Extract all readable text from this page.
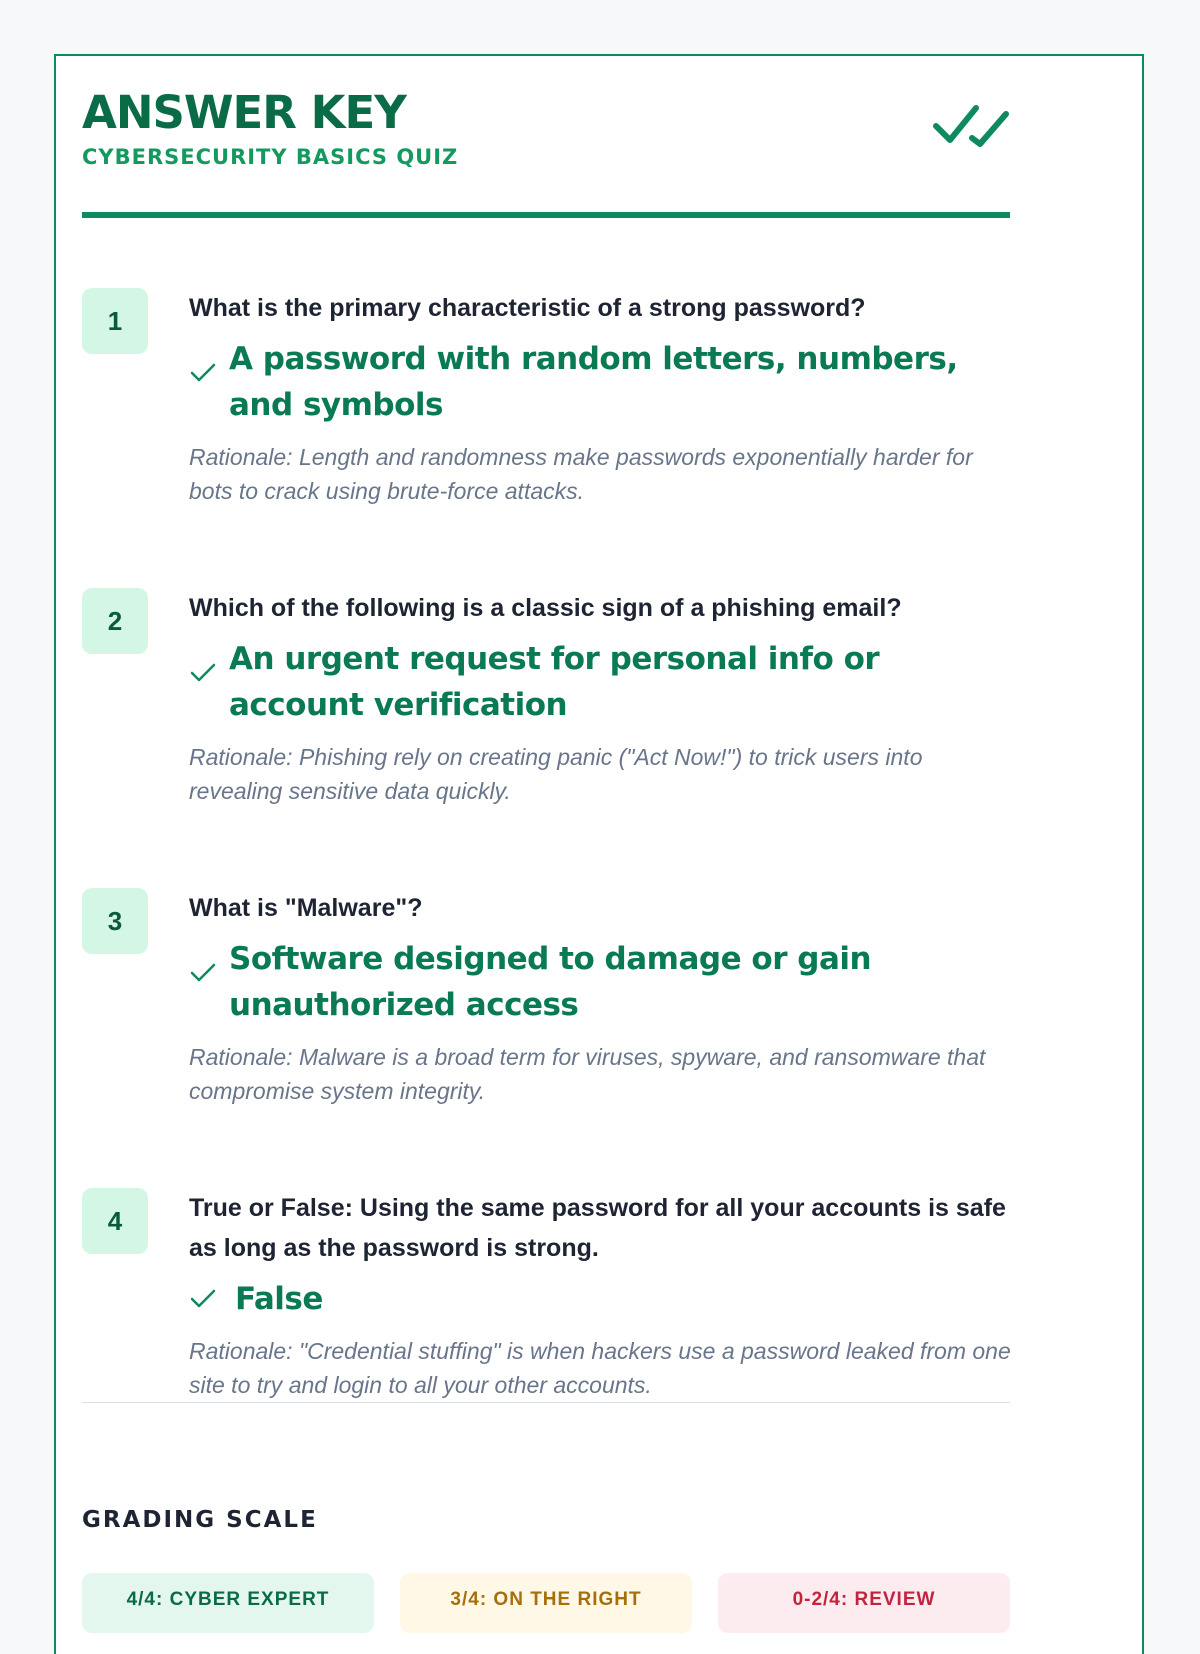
ANSWER KEY
CYBERSECURITY BASICS QUIZ
1	What is the primary characteristic of a strong password?
A password with random letters, numbers, and symbols
Rationale: Length and randomness make passwords exponentially harder for bots to crack using brute-force attacks.
2	Which of the following is a classic sign of a phishing email?
An urgent request for personal info or account verification
Rationale: Phishing rely on creating panic ("Act Now!") to trick users into revealing sensitive data quickly.
3	What is "Malware"?
Software designed to damage or gain unauthorized access
Rationale: Malware is a broad term for viruses, spyware, and ransomware that compromise system integrity.
4	True or False: Using the same password for all your accounts is safe as long as the password is strong.
False
Rationale: "Credential stuffing" is when hackers use a password leaked from one site to try and login to all your other accounts.
GRADING SCALE
4/4: CYBER EXPERT	3/4: ON THE RIGHT	0-2/4: REVIEW
